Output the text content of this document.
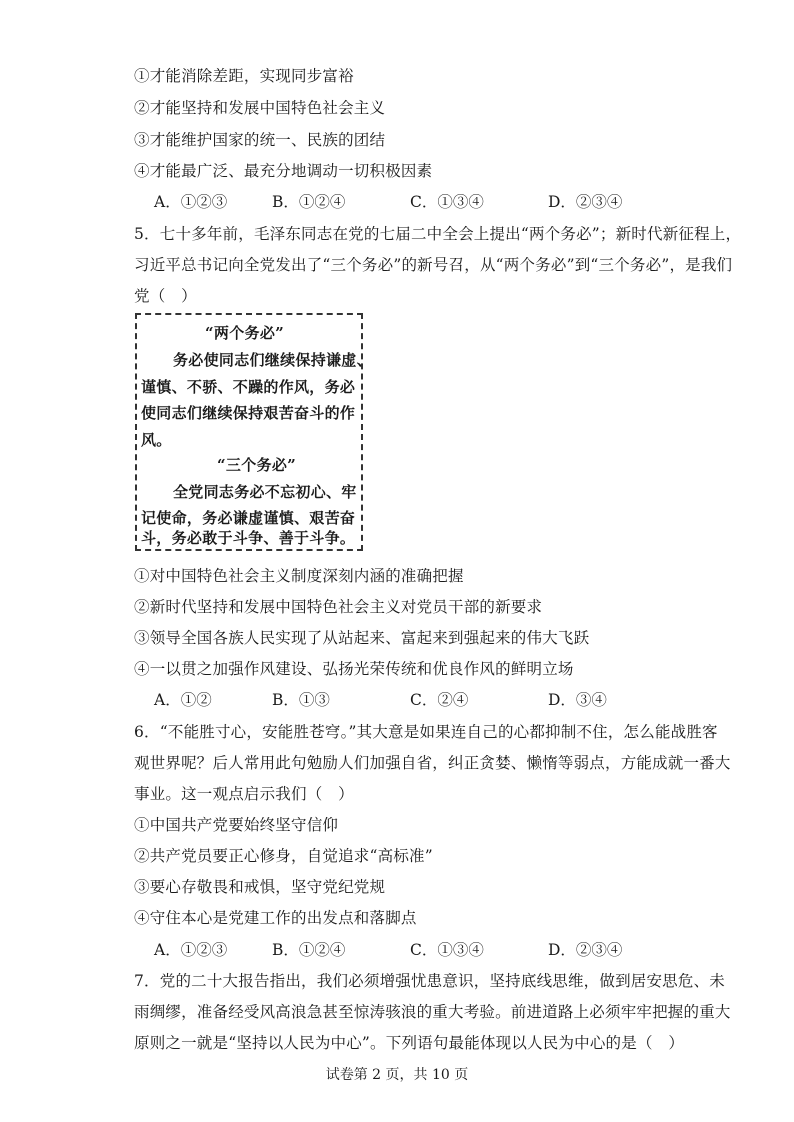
①才能消除差距，实现同步富裕
②才能坚持和发展中国特色社会主义
③才能维护国家的统一、民族的团结
④才能最广泛、最充分地调动一切积极因素
A．①②③	B．①②④	C．①③④	D．②③④
5．七十多年前，毛泽东同志在党的七届二中全会上提出“两个务必”；新时代新征程上，
习近平总书记向全党发出了“三个务必”的新号召，从“两个务必”到“三个务必”，是我们
党（　）
“两个务必”
务必使同志们继续保持谦虚、
谨慎、不骄、不躁的作风，务必
使同志们继续保持艰苦奋斗的作
风。
“三个务必”
全党同志务必不忘初心、牢
记使命，务必谦虚谨慎、艰苦奋
斗，务必敢于斗争、善于斗争。
①对中国特色社会主义制度深刻内涵的准确把握
②新时代坚持和发展中国特色社会主义对党员干部的新要求
③领导全国各族人民实现了从站起来、富起来到强起来的伟大飞跃
④一以贯之加强作风建设、弘扬光荣传统和优良作风的鲜明立场
A．①②	B．①③	C．②④	D．③④
6．“不能胜寸心，安能胜苍穹。”其大意是如果连自己的心都抑制不住，怎么能战胜客
观世界呢？后人常用此句勉励人们加强自省，纠正贪婪、懒惰等弱点，方能成就一番大
事业。这一观点启示我们（　）
①中国共产党要始终坚守信仰
②共产党员要正心修身，自觉追求“高标准”
③要心存敬畏和戒惧，坚守党纪党规
④守住本心是党建工作的出发点和落脚点
A．①②③	B．①②④	C．①③④	D．②③④
7．党的二十大报告指出，我们必须增强忧患意识，坚持底线思维，做到居安思危、未
雨绸缪，准备经受风高浪急甚至惊涛骇浪的重大考验。前进道路上必须牢牢把握的重大
原则之一就是“坚持以人民为中心”。下列语句最能体现以人民为中心的是（　）
试卷第 2 页，共 10 页
